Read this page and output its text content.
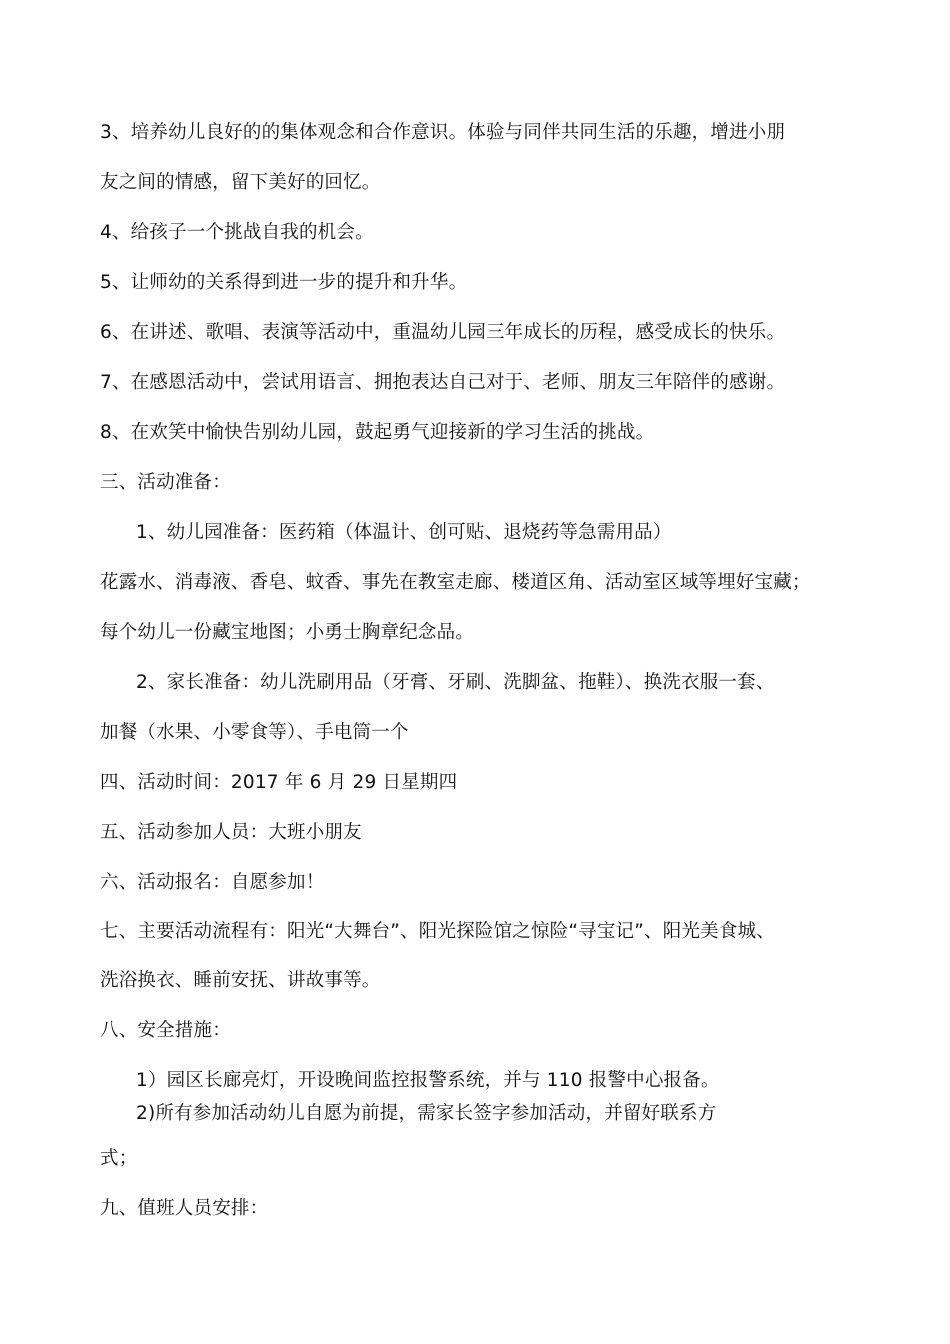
3、培养幼儿良好的的集体观念和合作意识。体验与同伴共同生活的乐趣，增进小朋
友之间的情感，留下美好的回忆。
4、给孩子一个挑战自我的机会。
5、让师幼的关系得到进一步的提升和升华。
6、在讲述、歌唱、表演等活动中，重温幼儿园三年成长的历程，感受成长的快乐。
7、在感恩活动中，尝试用语言、拥抱表达自己对于、老师、朋友三年陪伴的感谢。
8、在欢笑中愉快告别幼儿园，鼓起勇气迎接新的学习生活的挑战。
三、活动准备：
1、幼儿园准备：医药箱（体温计、创可贴、退烧药等急需用品）
花露水、消毒液、香皂、蚊香、事先在教室走廊、楼道区角、活动室区域等埋好宝藏；
每个幼儿一份藏宝地图；小勇士胸章纪念品。
2、家长准备：幼儿洗刷用品（牙膏、牙刷、洗脚盆、拖鞋）、换洗衣服一套、
加餐（水果、小零食等）、手电筒一个
四、活动时间：2017 年 6 月 29 日星期四
五、活动参加人员：大班小朋友
六、活动报名：自愿参加！
七、主要活动流程有：阳光“大舞台”、阳光探险馆之惊险“寻宝记”、阳光美食城、
洗浴换衣、睡前安抚、讲故事等。
八、安全措施：
1）园区长廊亮灯，开设晚间监控报警系统，并与 110 报警中心报备。
2)所有参加活动幼儿自愿为前提，需家长签字参加活动，并留好联系方
式；
九、值班人员安排：
